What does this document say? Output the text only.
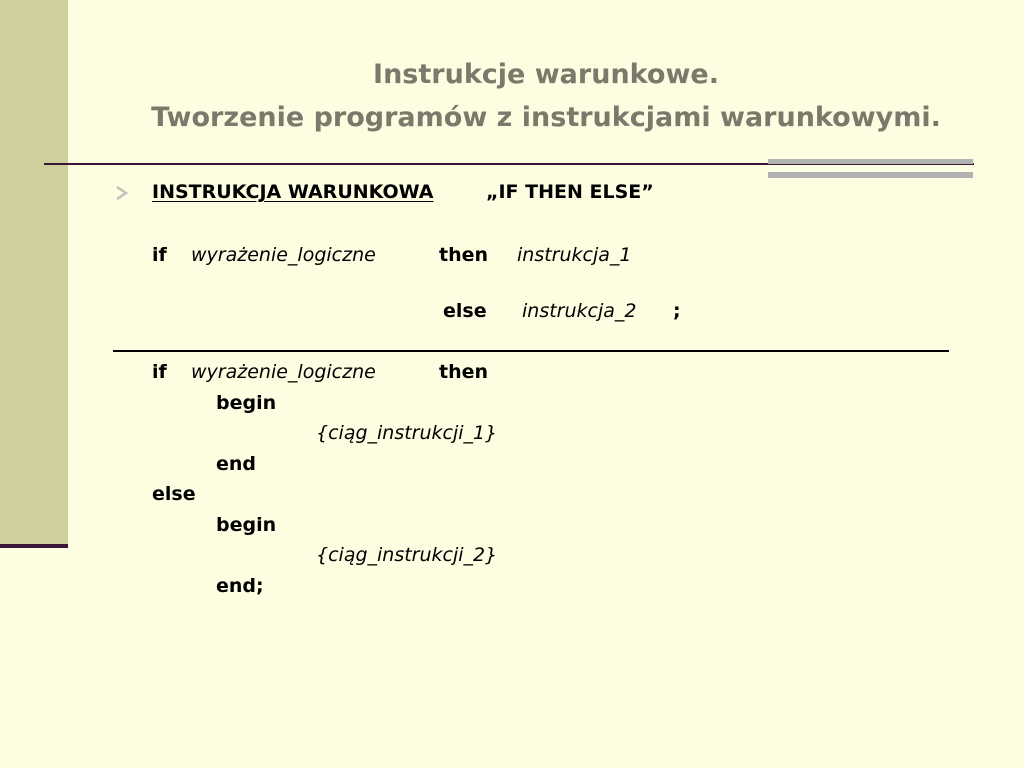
Instrukcje warunkowe.
Tworzenie programów z instrukcjami warunkowymi.
INSTRUKCJA WARUNKOWA	„IF THEN ELSE”
if wyrażenie_logiczne	then instrukcja_1
else instrukcja_2 ;
if wyrażenie_logiczne	then
begin
{ciąg_instrukcji_1}
end
else
begin
{ciąg_instrukcji_2}
end;
